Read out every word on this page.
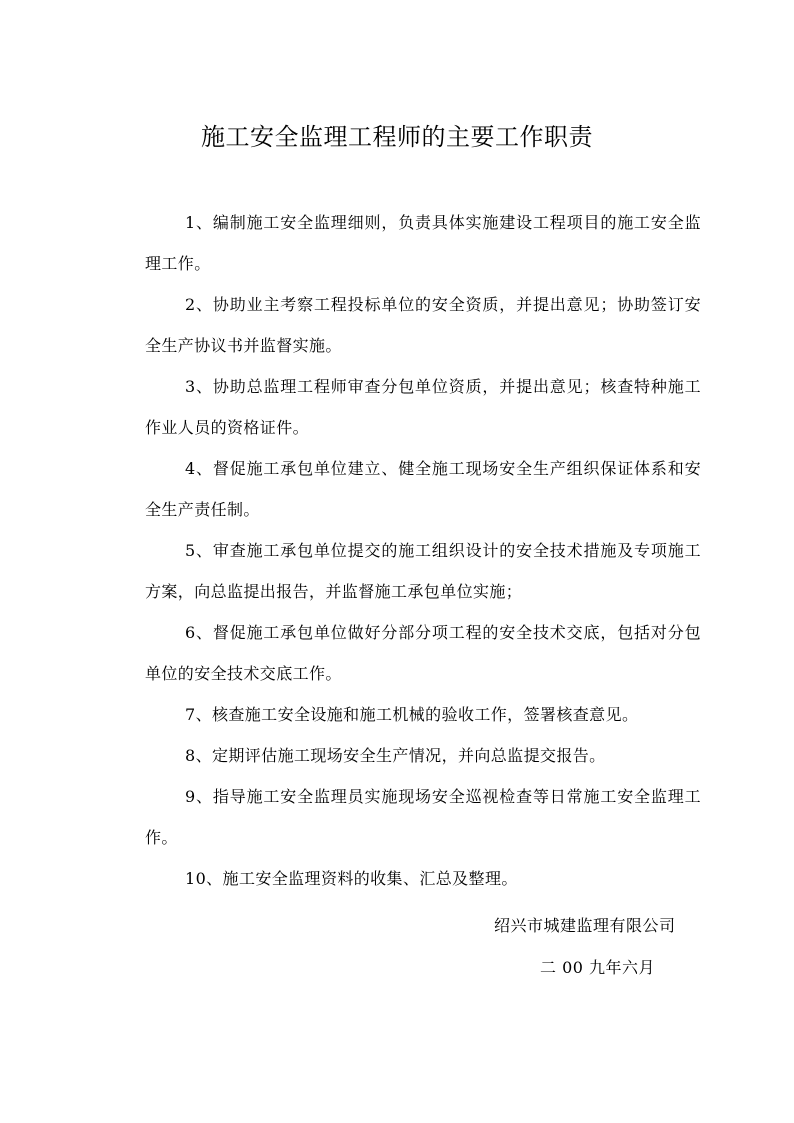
施工安全监理工程师的主要工作职责

1、编制施工安全监理细则，负责具体实施建设工程项目的施工安全监理工作。

2、协助业主考察工程投标单位的安全资质，并提出意见；协助签订安全生产协议书并监督实施。

3、协助总监理工程师审查分包单位资质，并提出意见；核查特种施工作业人员的资格证件。

4、督促施工承包单位建立、健全施工现场安全生产组织保证体系和安全生产责任制。

5、审查施工承包单位提交的施工组织设计的安全技术措施及专项施工方案，向总监提出报告，并监督施工承包单位实施；

6、督促施工承包单位做好分部分项工程的安全技术交底，包括对分包单位的安全技术交底工作。

7、核查施工安全设施和施工机械的验收工作，签署核查意见。

8、定期评估施工现场安全生产情况，并向总监提交报告。

9、指导施工安全监理员实施现场安全巡视检查等日常施工安全监理工作。

10、施工安全监理资料的收集、汇总及整理。

绍兴市城建监理有限公司
二 00 九年六月
